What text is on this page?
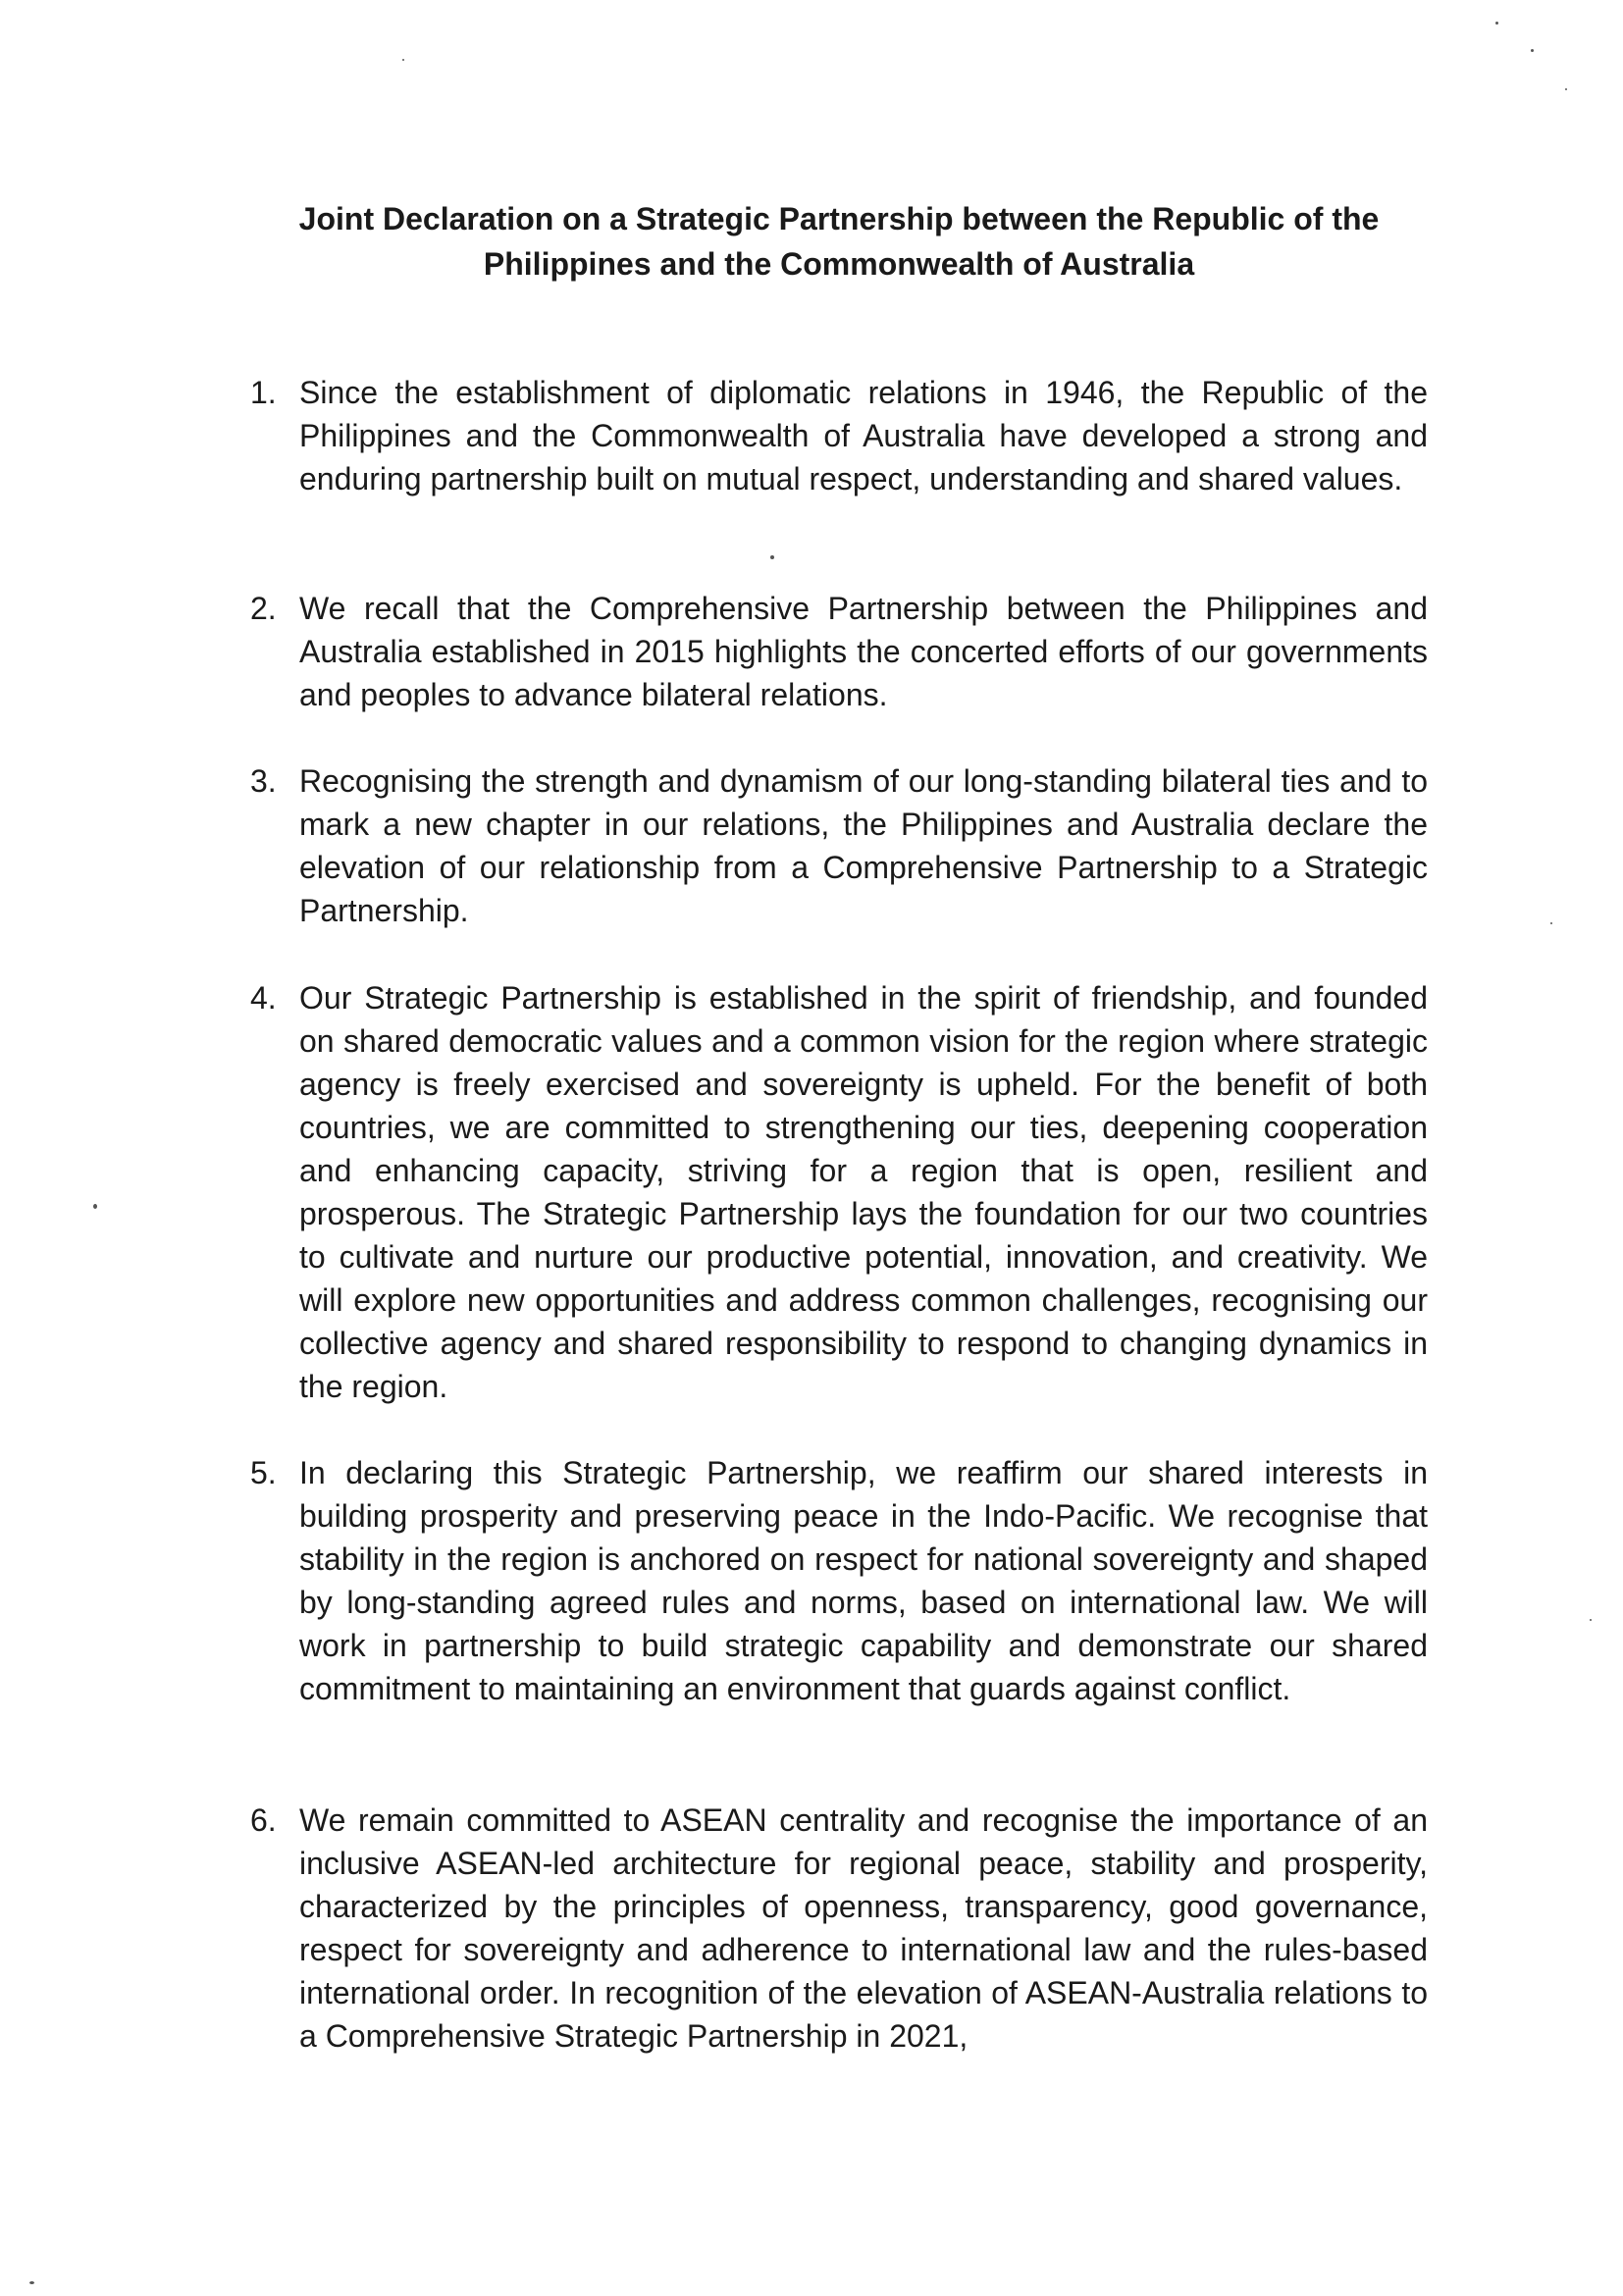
Joint Declaration on a Strategic Partnership between the Republic of the
Philippines and the Commonwealth of Australia
1. Since the establishment of diplomatic relations in 1946, the Republic of the Philippines and the Commonwealth of Australia have developed a strong and enduring partnership built on mutual respect, understanding and shared values.
2. We recall that the Comprehensive Partnership between the Philippines and Australia established in 2015 highlights the concerted efforts of our governments and peoples to advance bilateral relations.
3. Recognising the strength and dynamism of our long-standing bilateral ties and to mark a new chapter in our relations, the Philippines and Australia declare the elevation of our relationship from a Comprehensive Partnership to a Strategic Partnership.
4. Our Strategic Partnership is established in the spirit of friendship, and founded on shared democratic values and a common vision for the region where strategic agency is freely exercised and sovereignty is upheld. For the benefit of both countries, we are committed to strengthening our ties, deepening cooperation and enhancing capacity, striving for a region that is open, resilient and prosperous. The Strategic Partnership lays the foundation for our two countries to cultivate and nurture our productive potential, innovation, and creativity. We will explore new opportunities and address common challenges, recognising our collective agency and shared responsibility to respond to changing dynamics in the region.
5. In declaring this Strategic Partnership, we reaffirm our shared interests in building prosperity and preserving peace in the Indo-Pacific. We recognise that stability in the region is anchored on respect for national sovereignty and shaped by long-standing agreed rules and norms, based on international law. We will work in partnership to build strategic capability and demonstrate our shared commitment to maintaining an environment that guards against conflict.
6. We remain committed to ASEAN centrality and recognise the importance of an inclusive ASEAN-led architecture for regional peace, stability and prosperity, characterized by the principles of openness, transparency, good governance, respect for sovereignty and adherence to international law and the rules-based international order. In recognition of the elevation of ASEAN-Australia relations to a Comprehensive Strategic Partnership in 2021,
